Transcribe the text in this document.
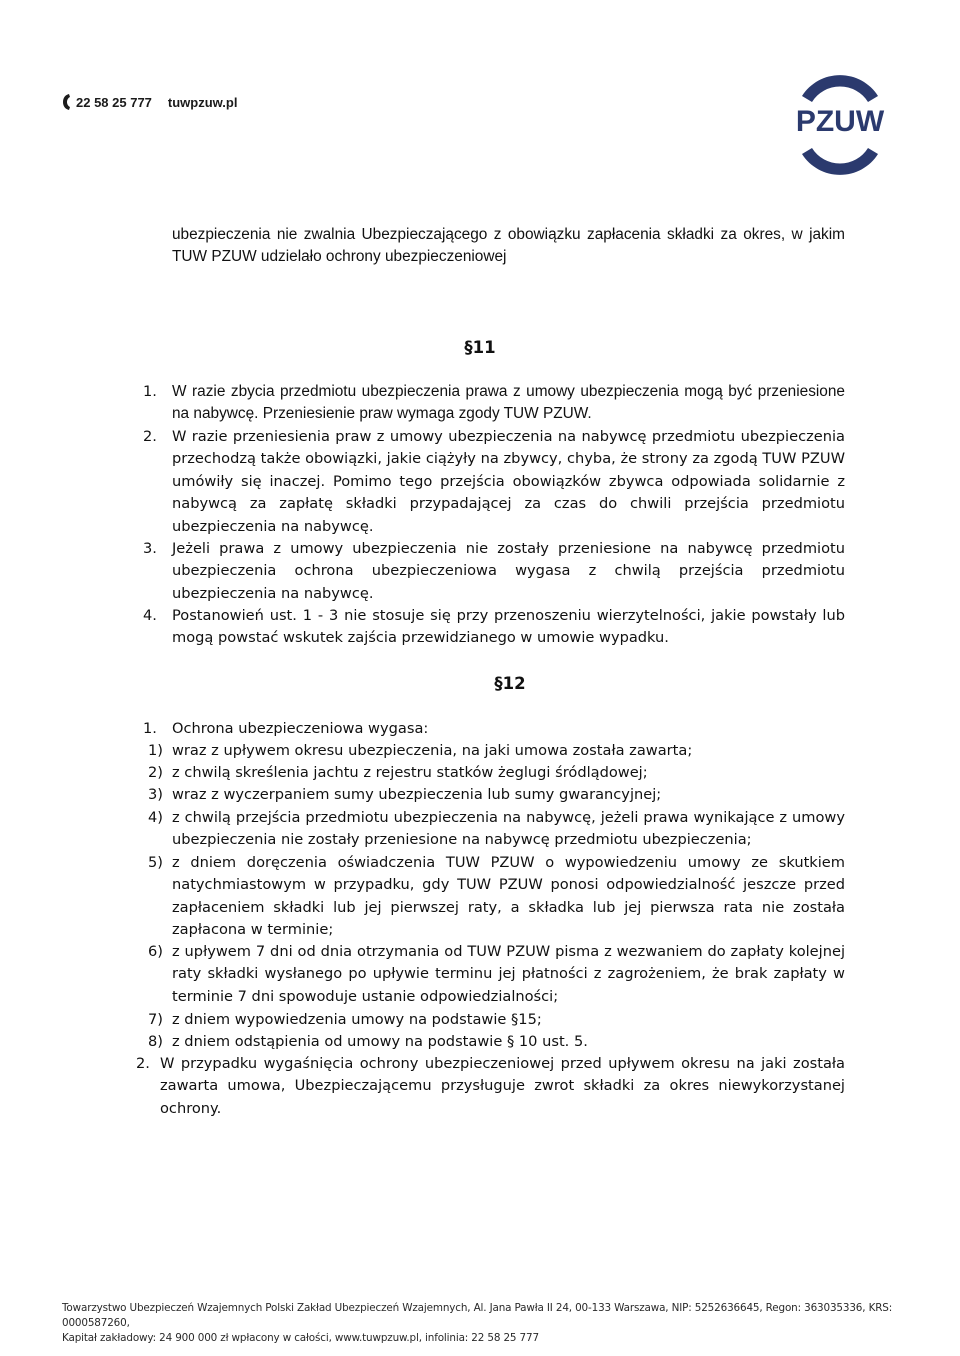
22 58 25 777 tuwpzuw.pl
PZUW
ubezpieczenia nie zwalnia Ubezpieczającego z obowiązku zapłacenia składki za okres, w jakim TUW PZUW udzielało ochrony ubezpieczeniowej
§11
1. W razie zbycia przedmiotu ubezpieczenia prawa z umowy ubezpieczenia mogą być przeniesione na nabywcę. Przeniesienie praw wymaga zgody TUW PZUW.
2. W razie przeniesienia praw z umowy ubezpieczenia na nabywcę przedmiotu ubezpieczenia przechodzą także obowiązki, jakie ciążyły na zbywcy, chyba, że strony za zgodą TUW PZUW umówiły się inaczej. Pomimo tego przejścia obowiązków zbywca odpowiada solidarnie z nabywcą za zapłatę składki przypadającej za czas do chwili przejścia przedmiotu ubezpieczenia na nabywcę.
3. Jeżeli prawa z umowy ubezpieczenia nie zostały przeniesione na nabywcę przedmiotu ubezpieczenia ochrona ubezpieczeniowa wygasa z chwilą przejścia przedmiotu ubezpieczenia na nabywcę.
4. Postanowień ust. 1 - 3 nie stosuje się przy przenoszeniu wierzytelności, jakie powstały lub mogą powstać wskutek zajścia przewidzianego w umowie wypadku.
§12
1. Ochrona ubezpieczeniowa wygasa:
1) wraz z upływem okresu ubezpieczenia, na jaki umowa została zawarta;
2) z chwilą skreślenia jachtu z rejestru statków żeglugi śródlądowej;
3) wraz z wyczerpaniem sumy ubezpieczenia lub sumy gwarancyjnej;
4) z chwilą przejścia przedmiotu ubezpieczenia na nabywcę, jeżeli prawa wynikające z umowy ubezpieczenia nie zostały przeniesione na nabywcę przedmiotu ubezpieczenia;
5) z dniem doręczenia oświadczenia TUW PZUW o wypowiedzeniu umowy ze skutkiem natychmiastowym w przypadku, gdy TUW PZUW ponosi odpowiedzialność jeszcze przed zapłaceniem składki lub jej pierwszej raty, a składka lub jej pierwsza rata nie została zapłacona w terminie;
6) z upływem 7 dni od dnia otrzymania od TUW PZUW pisma z wezwaniem do zapłaty kolejnej raty składki wysłanego po upływie terminu jej płatności z zagrożeniem, że brak zapłaty w terminie 7 dni spowoduje ustanie odpowiedzialności;
7) z dniem wypowiedzenia umowy na podstawie §15;
8) z dniem odstąpienia od umowy na podstawie § 10 ust. 5.
2. W przypadku wygaśnięcia ochrony ubezpieczeniowej przed upływem okresu na jaki została zawarta umowa, Ubezpieczającemu przysługuje zwrot składki za okres niewykorzystanej ochrony.
Towarzystwo Ubezpieczeń Wzajemnych Polski Zakład Ubezpieczeń Wzajemnych, Al. Jana Pawła II 24, 00-133 Warszawa, NIP: 5252636645, Regon: 363035336, KRS: 0000587260,
Kapitał zakładowy: 24 900 000 zł wpłacony w całości, www.tuwpzuw.pl, infolinia: 22 58 25 777
